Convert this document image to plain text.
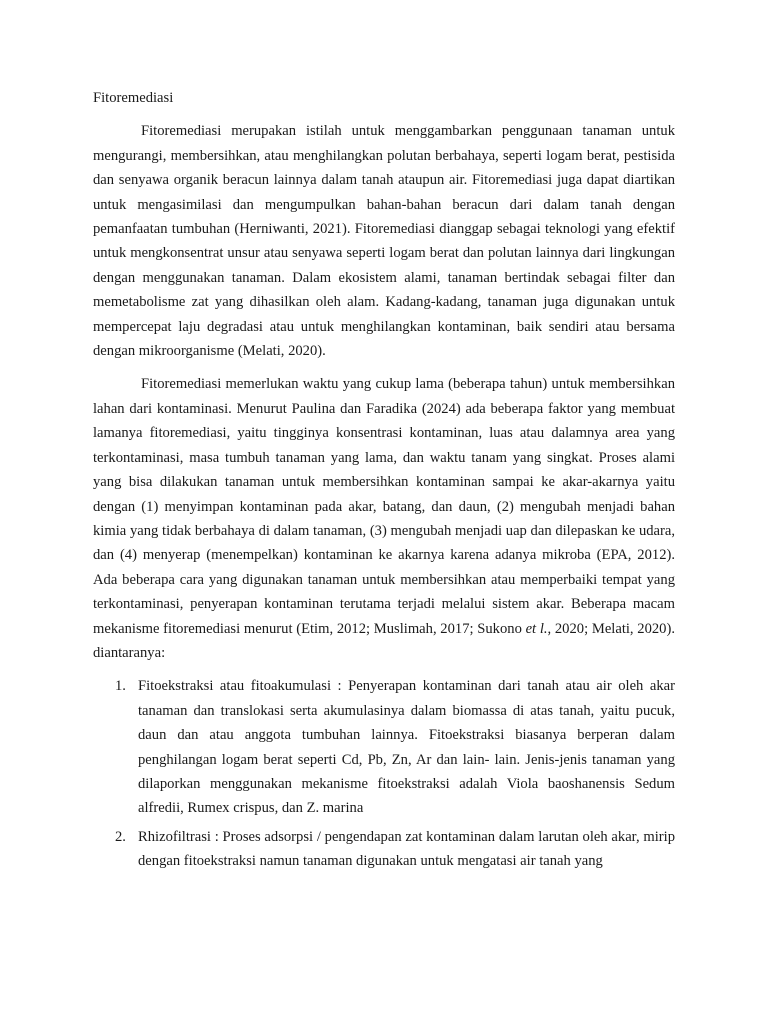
Fitoremediasi

Fitoremediasi merupakan istilah untuk menggambarkan penggunaan tanaman untuk mengurangi, membersihkan, atau menghilangkan polutan berbahaya, seperti logam berat, pestisida dan senyawa organik beracun lainnya dalam tanah ataupun air. Fitoremediasi juga dapat diartikan untuk mengasimilasi dan mengumpulkan bahan-bahan beracun dari dalam tanah dengan pemanfaatan tumbuhan (Herniwanti, 2021). Fitoremediasi dianggap sebagai teknologi yang efektif untuk mengkonsentrat unsur atau senyawa seperti logam berat dan polutan lainnya dari lingkungan dengan menggunakan tanaman. Dalam ekosistem alami, tanaman bertindak sebagai filter dan memetabolisme zat yang dihasilkan oleh alam. Kadang-kadang, tanaman juga digunakan untuk mempercepat laju degradasi atau untuk menghilangkan kontaminan, baik sendiri atau bersama dengan mikroorganisme (Melati, 2020).

Fitoremediasi memerlukan waktu yang cukup lama (beberapa tahun) untuk membersihkan lahan dari kontaminasi. Menurut Paulina dan Faradika (2024) ada beberapa faktor yang membuat lamanya fitoremediasi, yaitu tingginya konsentrasi kontaminan, luas atau dalamnya area yang terkontaminasi, masa tumbuh tanaman yang lama, dan waktu tanam yang singkat. Proses alami yang bisa dilakukan tanaman untuk membersihkan kontaminan sampai ke akar-akarnya yaitu dengan (1) menyimpan kontaminan pada akar, batang, dan daun, (2) mengubah menjadi bahan kimia yang tidak berbahaya di dalam tanaman, (3) mengubah menjadi uap dan dilepaskan ke udara, dan (4) menyerap (menempelkan) kontaminan ke akarnya karena adanya mikroba (EPA, 2012). Ada beberapa cara yang digunakan tanaman untuk membersihkan atau memperbaiki tempat yang terkontaminasi, penyerapan kontaminan terutama terjadi melalui sistem akar. Beberapa macam mekanisme fitoremediasi menurut (Etim, 2012; Muslimah, 2017; Sukono et l., 2020; Melati, 2020). diantaranya:

1. Fitoekstraksi atau fitoakumulasi : Penyerapan kontaminan dari tanah atau air oleh akar tanaman dan translokasi serta akumulasinya dalam biomassa di atas tanah, yaitu pucuk, daun dan atau anggota tumbuhan lainnya. Fitoekstraksi biasanya berperan dalam penghilangan logam berat seperti Cd, Pb, Zn, Ar dan lain- lain. Jenis-jenis tanaman yang dilaporkan menggunakan mekanisme fitoekstraksi adalah Viola baoshanensis Sedum alfredii, Rumex crispus, dan Z. marina
2. Rhizofiltrasi : Proses adsorpsi / pengendapan zat kontaminan dalam larutan oleh akar, mirip dengan fitoekstraksi namun tanaman digunakan untuk mengatasi air tanah yang
